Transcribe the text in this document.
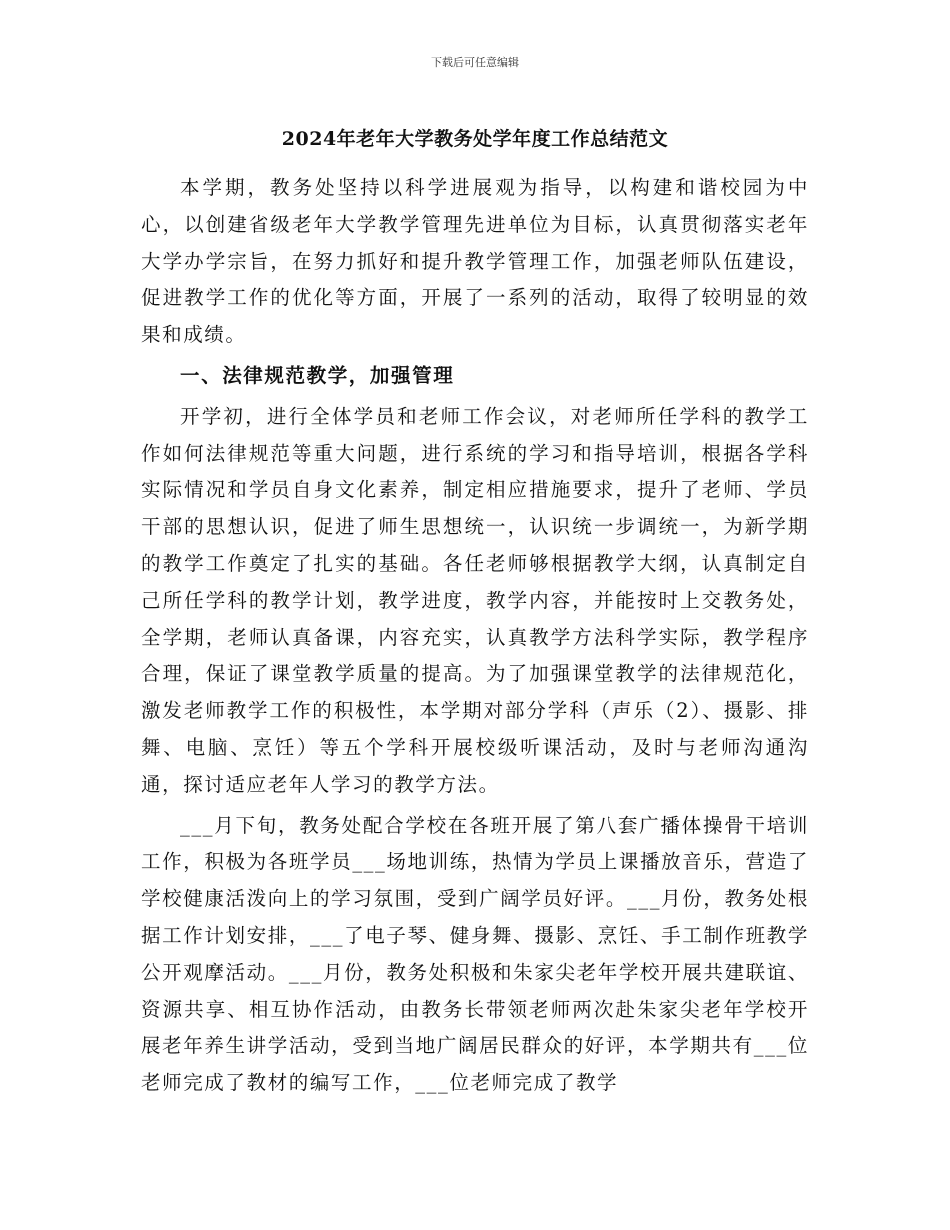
下载后可任意编辑
2024年老年大学教务处学年度工作总结范文

本学期，教务处坚持以科学进展观为指导，以构建和谐校园为中心，以创建省级老年大学教学管理先进单位为目标，认真贯彻落实老年大学办学宗旨，在努力抓好和提升教学管理工作，加强老师队伍建设，促进教学工作的优化等方面，开展了一系列的活动，取得了较明显的效果和成绩。

一、法律规范教学，加强管理

开学初，进行全体学员和老师工作会议，对老师所任学科的教学工作如何法律规范等重大问题，进行系统的学习和指导培训，根据各学科实际情况和学员自身文化素养，制定相应措施要求，提升了老师、学员干部的思想认识，促进了师生思想统一，认识统一步调统一，为新学期的教学工作奠定了扎实的基础。各任老师够根据教学大纲，认真制定自己所任学科的教学计划，教学进度，教学内容，并能按时上交教务处，全学期，老师认真备课，内容充实，认真教学方法科学实际，教学程序合理，保证了课堂教学质量的提高。为了加强课堂教学的法律规范化，激发老师教学工作的积极性，本学期对部分学科（声乐（2）、摄影、排舞、电脑、烹饪）等五个学科开展校级听课活动，及时与老师沟通沟通，探讨适应老年人学习的教学方法。

___月下旬，教务处配合学校在各班开展了第八套广播体操骨干培训工作，积极为各班学员___场地训练，热情为学员上课播放音乐，营造了学校健康活泼向上的学习氛围，受到广阔学员好评。___月份，教务处根据工作计划安排，___了电子琴、健身舞、摄影、烹饪、手工制作班教学公开观摩活动。___月份，教务处积极和朱家尖老年学校开展共建联谊、资源共享、相互协作活动，由教务长带领老师两次赴朱家尖老年学校开展老年养生讲学活动，受到当地广阔居民群众的好评，本学期共有___位老师完成了教材的编写工作，___位老师完成了教学
